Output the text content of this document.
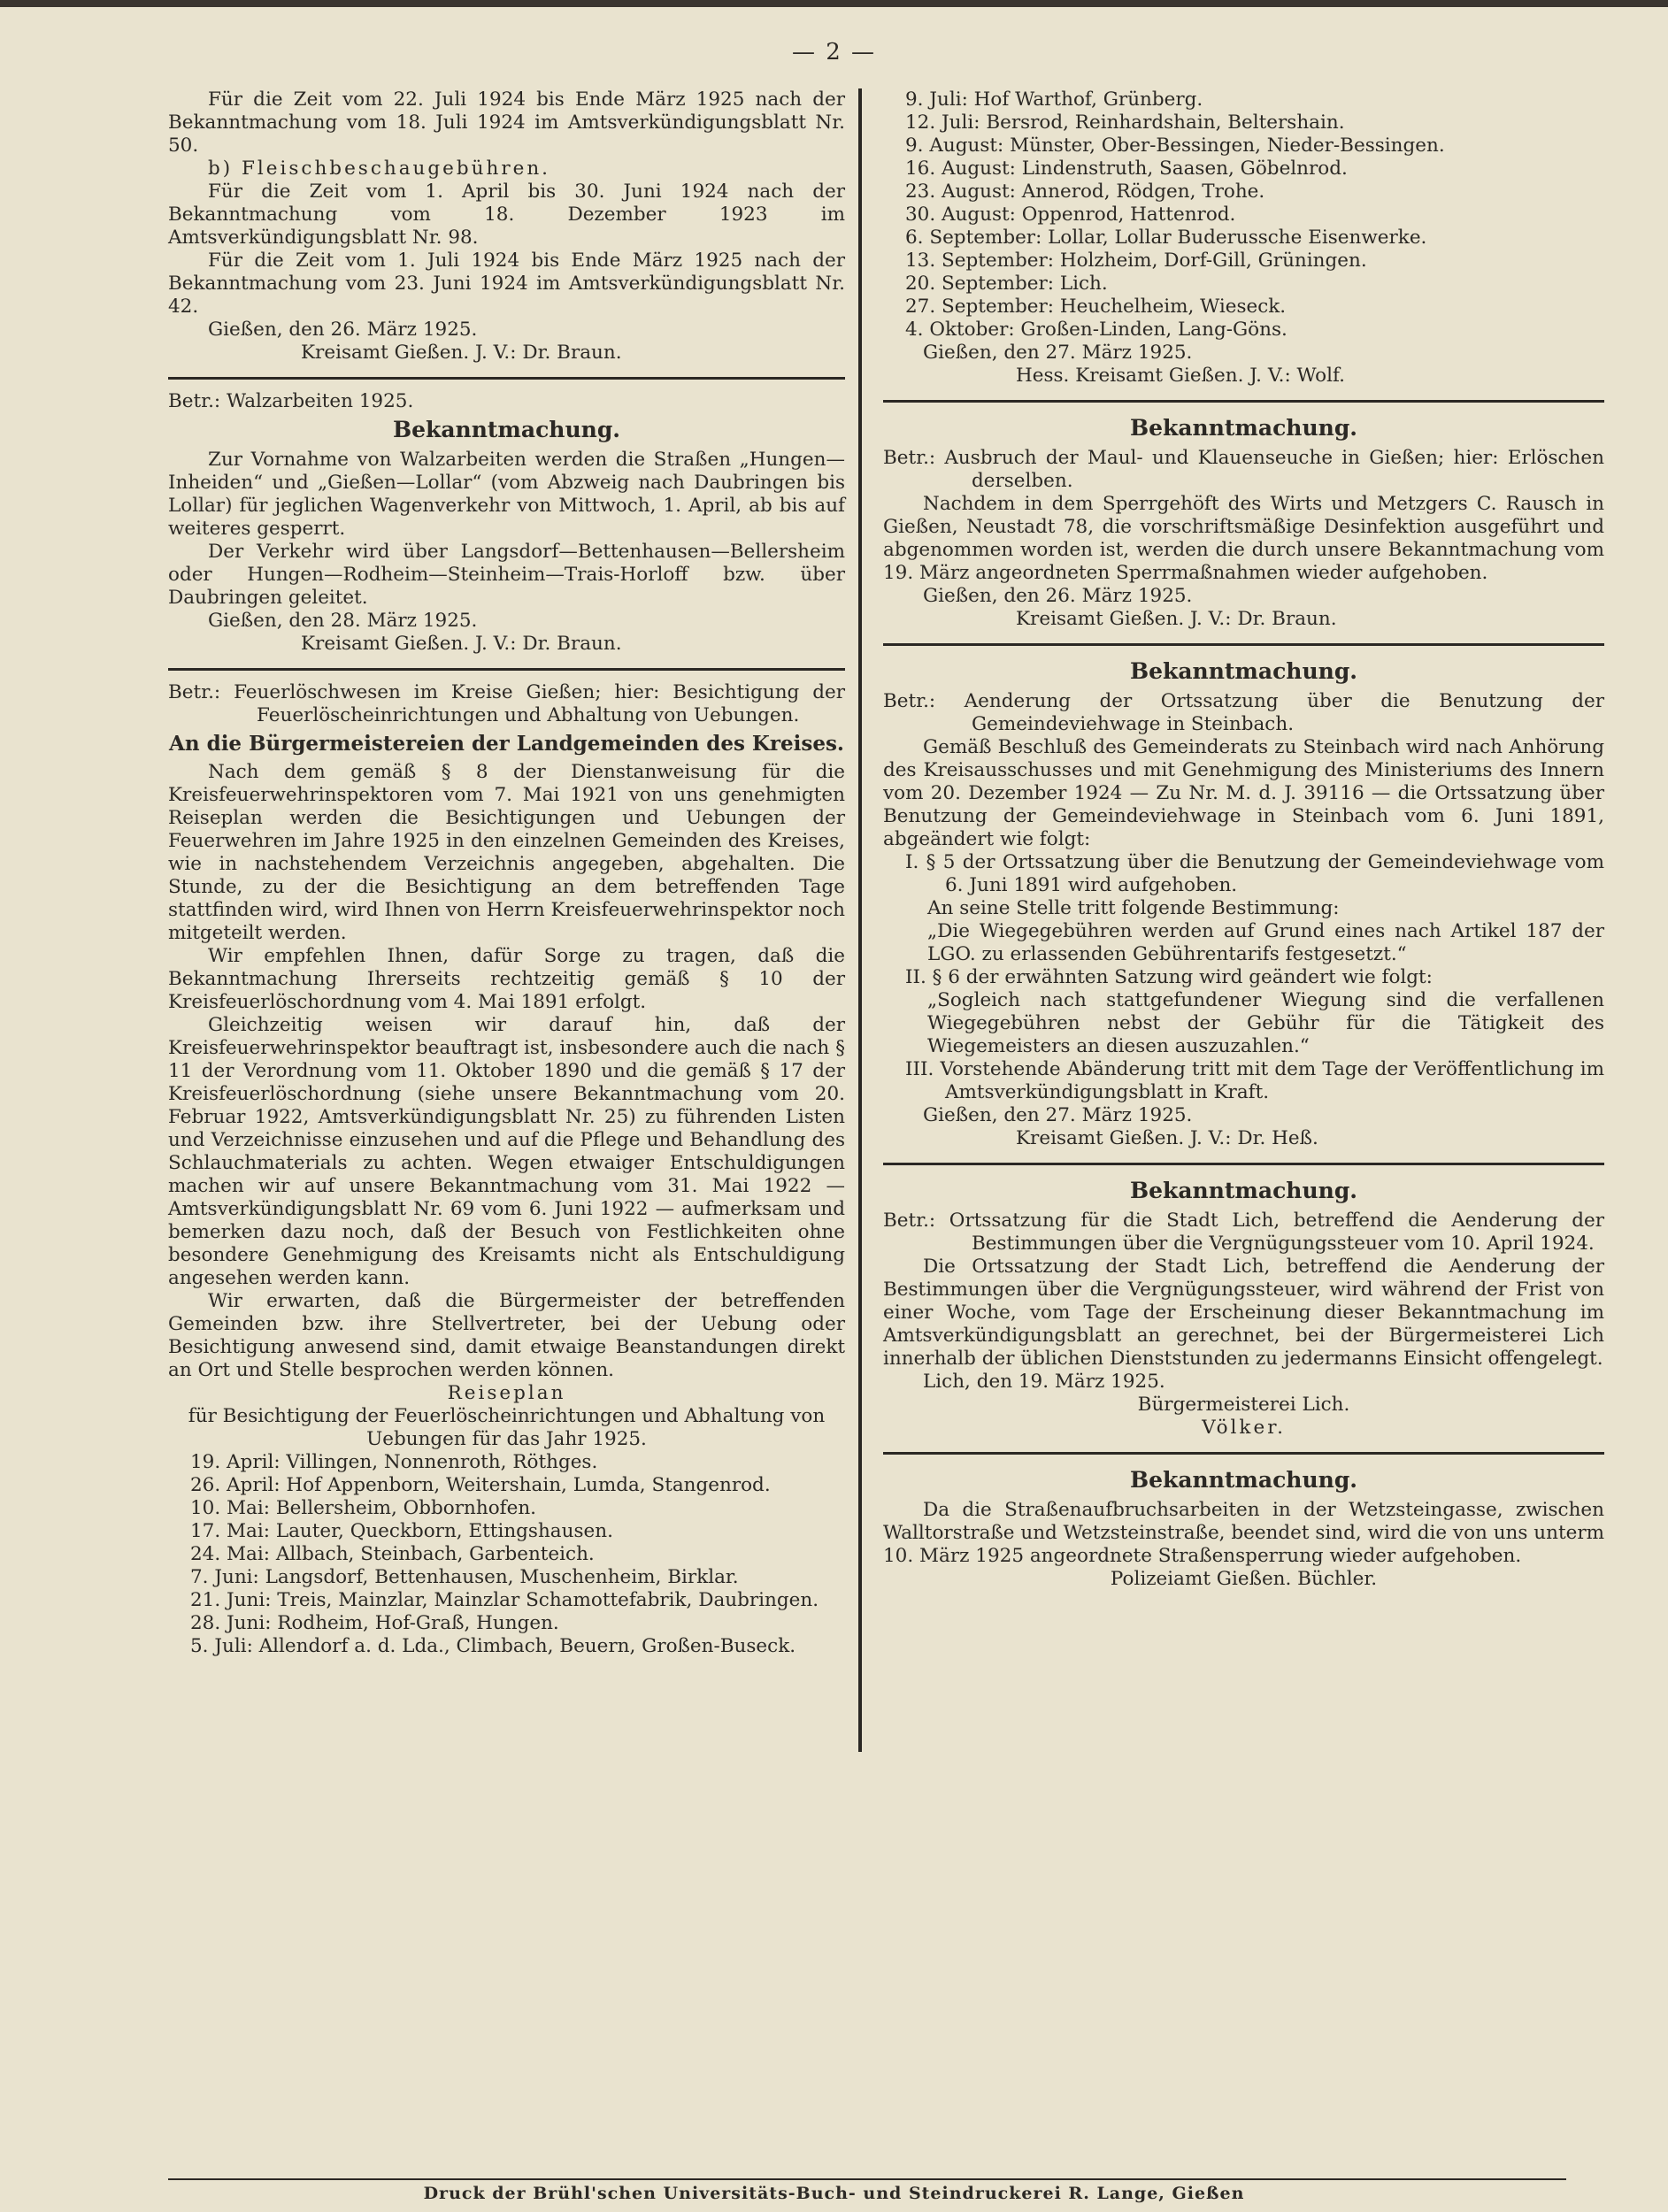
— 2 —

Für die Zeit vom 22. Juli 1924 bis Ende März 1925 nach der Bekanntmachung vom 18. Juli 1924 im Amtsverkündigungsblatt Nr. 50.

b) Fleischbeschaugebühren.

Für die Zeit vom 1. April bis 30. Juni 1924 nach der Bekanntmachung vom 18. Dezember 1923 im Amtsverkündigungsblatt Nr. 98.

Für die Zeit vom 1. Juli 1924 bis Ende März 1925 nach der Bekanntmachung vom 23. Juni 1924 im Amtsverkündigungsblatt Nr. 42.

Gießen, den 26. März 1925.

Kreisamt Gießen. J. V.: Dr. Braun.

Betr.: Walzarbeiten 1925.

Bekanntmachung.

Zur Vornahme von Walzarbeiten werden die Straßen „Hungen—Inheiden“ und „Gießen—Lollar“ (vom Abzweig nach Daubringen bis Lollar) für jeglichen Wagenverkehr von Mittwoch, 1. April, ab bis auf weiteres gesperrt.

Der Verkehr wird über Langsdorf—Bettenhausen—Bellersheim oder Hungen—Rodheim—Steinheim—Trais-Horloff bzw. über Daubringen geleitet.

Gießen, den 28. März 1925.

Kreisamt Gießen. J. V.: Dr. Braun.

Betr.: Feuerlöschwesen im Kreise Gießen; hier: Besichtigung der Feuerlöscheinrichtungen und Abhaltung von Uebungen.

An die Bürgermeistereien der Landgemeinden des Kreises.

Nach dem gemäß § 8 der Dienstanweisung für die Kreisfeuerwehrinspektoren vom 7. Mai 1921 von uns genehmigten Reiseplan werden die Besichtigungen und Uebungen der Feuerwehren im Jahre 1925 in den einzelnen Gemeinden des Kreises, wie in nachstehendem Verzeichnis angegeben, abgehalten. Die Stunde, zu der die Besichtigung an dem betreffenden Tage stattfinden wird, wird Ihnen von Herrn Kreisfeuerwehrinspektor noch mitgeteilt werden.

Wir empfehlen Ihnen, dafür Sorge zu tragen, daß die Bekanntmachung Ihrerseits rechtzeitig gemäß § 10 der Kreisfeuerlöschordnung vom 4. Mai 1891 erfolgt.

Gleichzeitig weisen wir darauf hin, daß der Kreisfeuerwehrinspektor beauftragt ist, insbesondere auch die nach § 11 der Verordnung vom 11. Oktober 1890 und die gemäß § 17 der Kreisfeuerlöschordnung (siehe unsere Bekanntmachung vom 20. Februar 1922, Amtsverkündigungsblatt Nr. 25) zu führenden Listen und Verzeichnisse einzusehen und auf die Pflege und Behandlung des Schlauchmaterials zu achten. Wegen etwaiger Entschuldigungen machen wir auf unsere Bekanntmachung vom 31. Mai 1922 — Amtsverkündigungsblatt Nr. 69 vom 6. Juni 1922 — aufmerksam und bemerken dazu noch, daß der Besuch von Festlichkeiten ohne besondere Genehmigung des Kreisamts nicht als Entschuldigung angesehen werden kann.

Wir erwarten, daß die Bürgermeister der betreffenden Gemeinden bzw. ihre Stellvertreter, bei der Uebung oder Besichtigung anwesend sind, damit etwaige Beanstandungen direkt an Ort und Stelle besprochen werden können.

Reiseplan

für Besichtigung der Feuerlöscheinrichtungen und Abhaltung von Uebungen für das Jahr 1925.

19. April: Villingen, Nonnenroth, Röthges.

26. April: Hof Appenborn, Weitershain, Lumda, Stangenrod.

10. Mai: Bellersheim, Obbornhofen.

17. Mai: Lauter, Queckborn, Ettingshausen.

24. Mai: Allbach, Steinbach, Garbenteich.

7. Juni: Langsdorf, Bettenhausen, Muschenheim, Birklar.

21. Juni: Treis, Mainzlar, Mainzlar Schamottefabrik, Daubringen.

28. Juni: Rodheim, Hof-Graß, Hungen.

5. Juli: Allendorf a. d. Lda., Climbach, Beuern, Großen-Buseck.

9. Juli: Hof Warthof, Grünberg.

12. Juli: Bersrod, Reinhardshain, Beltershain.

9. August: Münster, Ober-Bessingen, Nieder-Bessingen.

16. August: Lindenstruth, Saasen, Göbelnrod.

23. August: Annerod, Rödgen, Trohe.

30. August: Oppenrod, Hattenrod.

6. September: Lollar, Lollar Buderussche Eisenwerke.

13. September: Holzheim, Dorf-Gill, Grüningen.

20. September: Lich.

27. September: Heuchelheim, Wieseck.

4. Oktober: Großen-Linden, Lang-Göns.

Gießen, den 27. März 1925.

Hess. Kreisamt Gießen. J. V.: Wolf.

Bekanntmachung.

Betr.: Ausbruch der Maul- und Klauenseuche in Gießen; hier: Erlöschen derselben.

Nachdem in dem Sperrgehöft des Wirts und Metzgers C. Rausch in Gießen, Neustadt 78, die vorschriftsmäßige Desinfektion ausgeführt und abgenommen worden ist, werden die durch unsere Bekanntmachung vom 19. März angeordneten Sperrmaßnahmen wieder aufgehoben.

Gießen, den 26. März 1925.

Kreisamt Gießen. J. V.: Dr. Braun.

Bekanntmachung.

Betr.: Aenderung der Ortssatzung über die Benutzung der Gemeindeviehwage in Steinbach.

Gemäß Beschluß des Gemeinderats zu Steinbach wird nach Anhörung des Kreisausschusses und mit Genehmigung des Ministeriums des Innern vom 20. Dezember 1924 — Zu Nr. M. d. J. 39116 — die Ortssatzung über Benutzung der Gemeindeviehwage in Steinbach vom 6. Juni 1891, abgeändert wie folgt:

I. § 5 der Ortssatzung über die Benutzung der Gemeindeviehwage vom 6. Juni 1891 wird aufgehoben.

An seine Stelle tritt folgende Bestimmung:

„Die Wiegegebühren werden auf Grund eines nach Artikel 187 der LGO. zu erlassenden Gebührentarifs festgesetzt.“

II. § 6 der erwähnten Satzung wird geändert wie folgt:

„Sogleich nach stattgefundener Wiegung sind die verfallenen Wiegegebühren nebst der Gebühr für die Tätigkeit des Wiegemeisters an diesen auszuzahlen.“

III. Vorstehende Abänderung tritt mit dem Tage der Veröffentlichung im Amtsverkündigungsblatt in Kraft.

Gießen, den 27. März 1925.

Kreisamt Gießen. J. V.: Dr. Heß.

Bekanntmachung.

Betr.: Ortssatzung für die Stadt Lich, betreffend die Aenderung der Bestimmungen über die Vergnügungssteuer vom 10. April 1924.

Die Ortssatzung der Stadt Lich, betreffend die Aenderung der Bestimmungen über die Vergnügungssteuer, wird während der Frist von einer Woche, vom Tage der Erscheinung dieser Bekanntmachung im Amtsverkündigungsblatt an gerechnet, bei der Bürgermeisterei Lich innerhalb der üblichen Dienststunden zu jedermanns Einsicht offengelegt.

Lich, den 19. März 1925.

Bürgermeisterei Lich.

Völker.

Bekanntmachung.

Da die Straßenaufbruchsarbeiten in der Wetzsteingasse, zwischen Walltorstraße und Wetzsteinstraße, beendet sind, wird die von uns unterm 10. März 1925 angeordnete Straßensperrung wieder aufgehoben.

Polizeiamt Gießen. Büchler.

Druck der Brühl'schen Universitäts-Buch- und Steindruckerei R. Lange, Gießen
